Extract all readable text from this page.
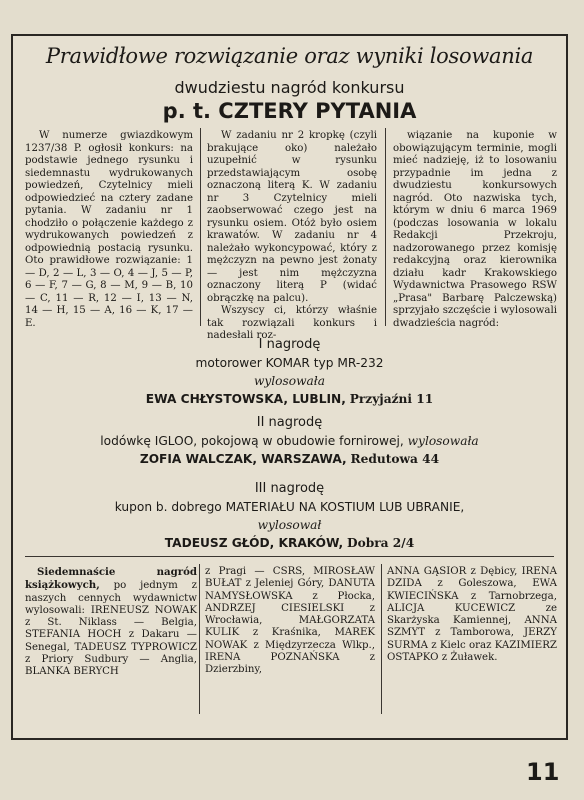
Prawidłowe rozwiązanie oraz wyniki losowania
dwudziestu nagród konkursu
p. t. CZTERY PYTANIA

W numerze gwiazdkowym 1237/38 P. ogłosił konkurs: na podstawie jednego rysunku i siedemnastu wydrukowanych powiedzeń, Czytelnicy mieli odpowiedzieć na cztery zadane pytania. W zadaniu nr 1 chodziło o połączenie każdego z wydrukowanych powiedzeń z odpowiednią postacią rysunku. Oto prawidłowe rozwiązanie: 1 — D, 2 — L, 3 — O, 4 — J, 5 — P, 6 — F, 7 — G, 8 — M, 9 — B, 10 — C, 11 — R, 12 — I, 13 — N, 14 — H, 15 — A, 16 — K, 17 — E.

W zadaniu nr 2 kropkę (czyli brakujące oko) należało uzupełnić w rysunku przedstawiającym osobę oznaczoną literą K. W zadaniu nr 3 Czytelnicy mieli zaobserwować czego jest na rysunku osiem. Otóż było osiem krawatów. W zadaniu nr 4 należało wykoncypować, który z mężczyzn na pewno jest żonaty — jest nim mężczyzna oznaczony literą P (widać obrączkę na palcu).

Wszyscy ci, którzy właśnie tak rozwiązali konkurs i nadesłali roz-

wiązanie na kuponie w obowiązującym terminie, mogli mieć nadzieję, iż to losowaniu przypadnie im jedna z dwudziestu konkursowych nagród. Oto nazwiska tych, którym w dniu 6 marca 1969 (podczas losowania w lokalu Redakcji Przekroju, nadzorowanego przez komisję redakcyjną oraz kierownika działu kadr Krakowskiego Wydawnictwa Prasowego RSW „Prasa" Barbarę Palczewską) sprzyjało szczęście i wylosowali dwadzieścia nagród:

I nagrodę
motorower KOMAR typ MR-232
wylosowała
EWA CHŁYSTOWSKA, LUBLIN, Przyjaźni 11
II nagrodę
lodówkę IGLOO, pokojową w obudowie fornirowej, wylosowała
ZOFIA WALCZAK, WARSZAWA, Redutowa 44
III nagrodę
kupon b. dobrego MATERIAŁU NA KOSTIUM LUB UBRANIE,
wylosował
TADEUSZ GŁÓD, KRAKÓW, Dobra 2/4

Siedemnaście nagród książkowych, po jednym z naszych cennych wydawnictw wylosowali: IRENEUSZ NOWAK z St. Niklass — Belgia, STEFANIA HOCH z Dakaru — Senegal, TADEUSZ TYPROWICZ z Priory Sudbury — Anglia, BLANKA BERYCH

z Pragi — CSRS, MIROSŁAW BUŁAT z Jeleniej Góry, DANUTA NAMYSŁOWSKA z Płocka, ANDRZEJ CIESIELSKI z Wrocławia, MAŁGORZATA KULIK z Kraśnika, MAREK NOWAK z Międzyrzecza Wlkp., IRENA POZNAŃSKA z Dzierzbiny,

ANNA GĄSIOR z Dębicy, IRENA DZIDA z Goleszowa, EWA KWIECIŃSKA z Tarnobrzega, ALICJA KUCEWICZ ze Skarżyska Kamiennej, ANNA SZMYT z Tamborowa, JERZY SURMA z Kielc oraz KAZIMIERZ OSTAPKO z Żuławek.

11
